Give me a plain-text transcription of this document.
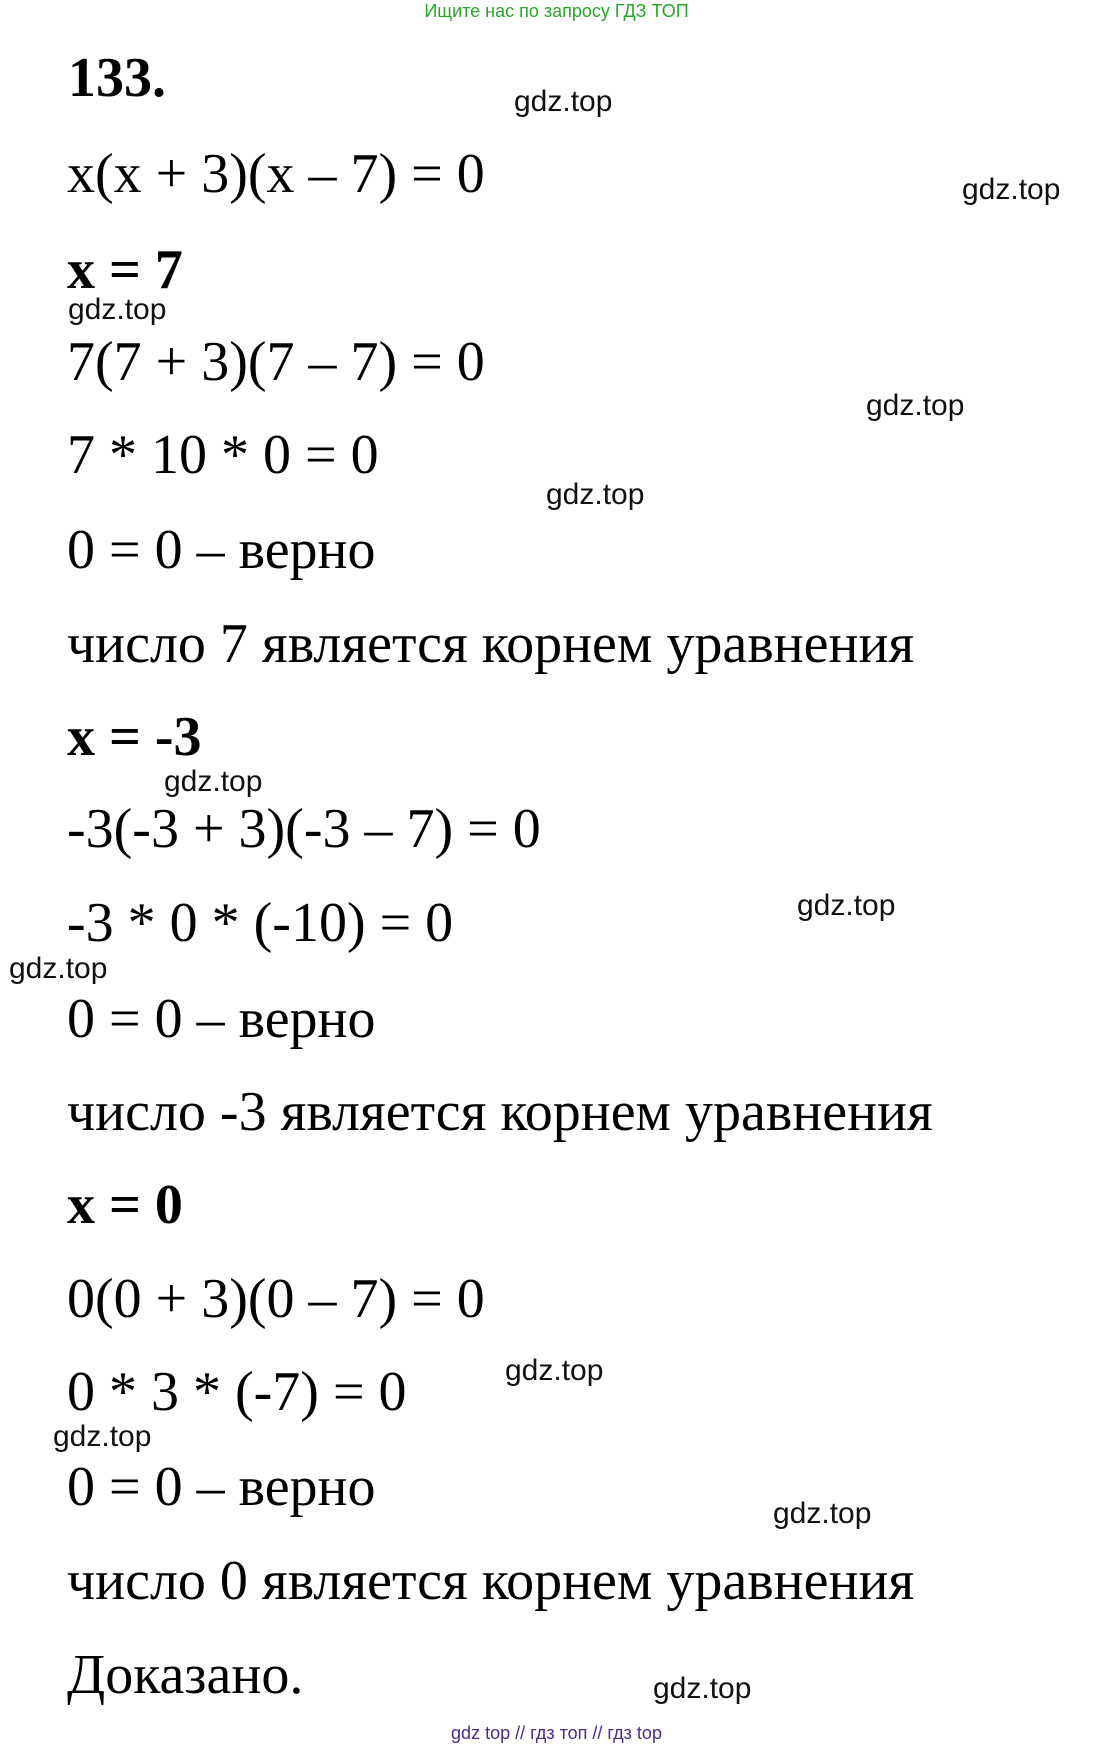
Ищите нас по запросу ГДЗ ТОП
133.
x(x + 3)(x – 7) = 0
x = 7
7(7 + 3)(7 – 7) = 0
7 * 10 * 0 = 0
0 = 0 – верно
число 7 является корнем уравнения
x = -3
-3(-3 + 3)(-3 – 7) = 0
-3 * 0 * (-10) = 0
0 = 0 – верно
число -3 является корнем уравнения
x = 0
0(0 + 3)(0 – 7) = 0
0 * 3 * (-7) = 0
0 = 0 – верно
число 0 является корнем уравнения
Доказано.
gdz.top
gdz.top
gdz.top
gdz.top
gdz.top
gdz.top
gdz.top
gdz.top
gdz.top
gdz.top
gdz.top
gdz.top
gdz top // гдз топ // гдз top
